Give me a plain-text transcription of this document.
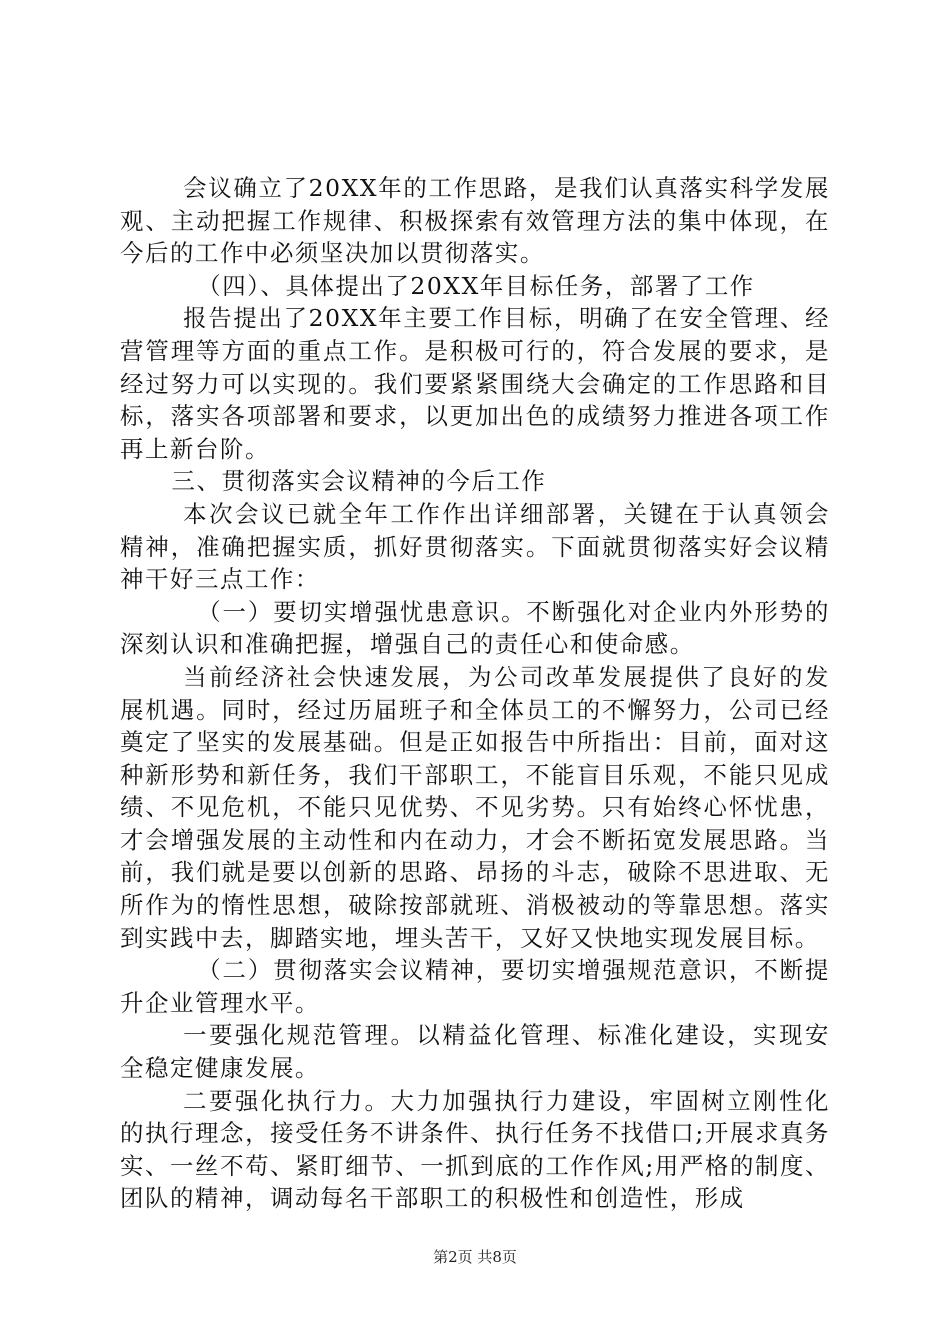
会议确立了20XX年的工作思路，是我们认真落实科学发展观、主动把握工作规律、积极探索有效管理方法的集中体现，在今后的工作中必须坚决加以贯彻落实。

（四）、具体提出了20XX年目标任务，部署了工作

报告提出了20XX年主要工作目标，明确了在安全管理、经营管理等方面的重点工作。是积极可行的，符合发展的要求，是经过努力可以实现的。我们要紧紧围绕大会确定的工作思路和目标，落实各项部署和要求，以更加出色的成绩努力推进各项工作再上新台阶。

三、贯彻落实会议精神的今后工作

本次会议已就全年工作作出详细部署，关键在于认真领会精神，准确把握实质，抓好贯彻落实。下面就贯彻落实好会议精神干好三点工作：

（一）要切实增强忧患意识。不断强化对企业内外形势的深刻认识和准确把握，增强自己的责任心和使命感。

当前经济社会快速发展，为公司改革发展提供了良好的发展机遇。同时，经过历届班子和全体员工的不懈努力，公司已经奠定了坚实的发展基础。但是正如报告中所指出：目前，面对这种新形势和新任务，我们干部职工，不能盲目乐观，不能只见成绩、不见危机，不能只见优势、不见劣势。只有始终心怀忧患，才会增强发展的主动性和内在动力，才会不断拓宽发展思路。当前，我们就是要以创新的思路、昂扬的斗志，破除不思进取、无所作为的惰性思想，破除按部就班、消极被动的等靠思想。落实到实践中去，脚踏实地，埋头苦干，又好又快地实现发展目标。

（二）贯彻落实会议精神，要切实增强规范意识，不断提升企业管理水平。

一要强化规范管理。以精益化管理、标准化建设，实现安全稳定健康发展。

二要强化执行力。大力加强执行力建设，牢固树立刚性化的执行理念，接受任务不讲条件、执行任务不找借口;开展求真务实、一丝不苟、紧盯细节、一抓到底的工作作风;用严格的制度、团队的精神，调动每名干部职工的积极性和创造性，形成

第2页 共8页
